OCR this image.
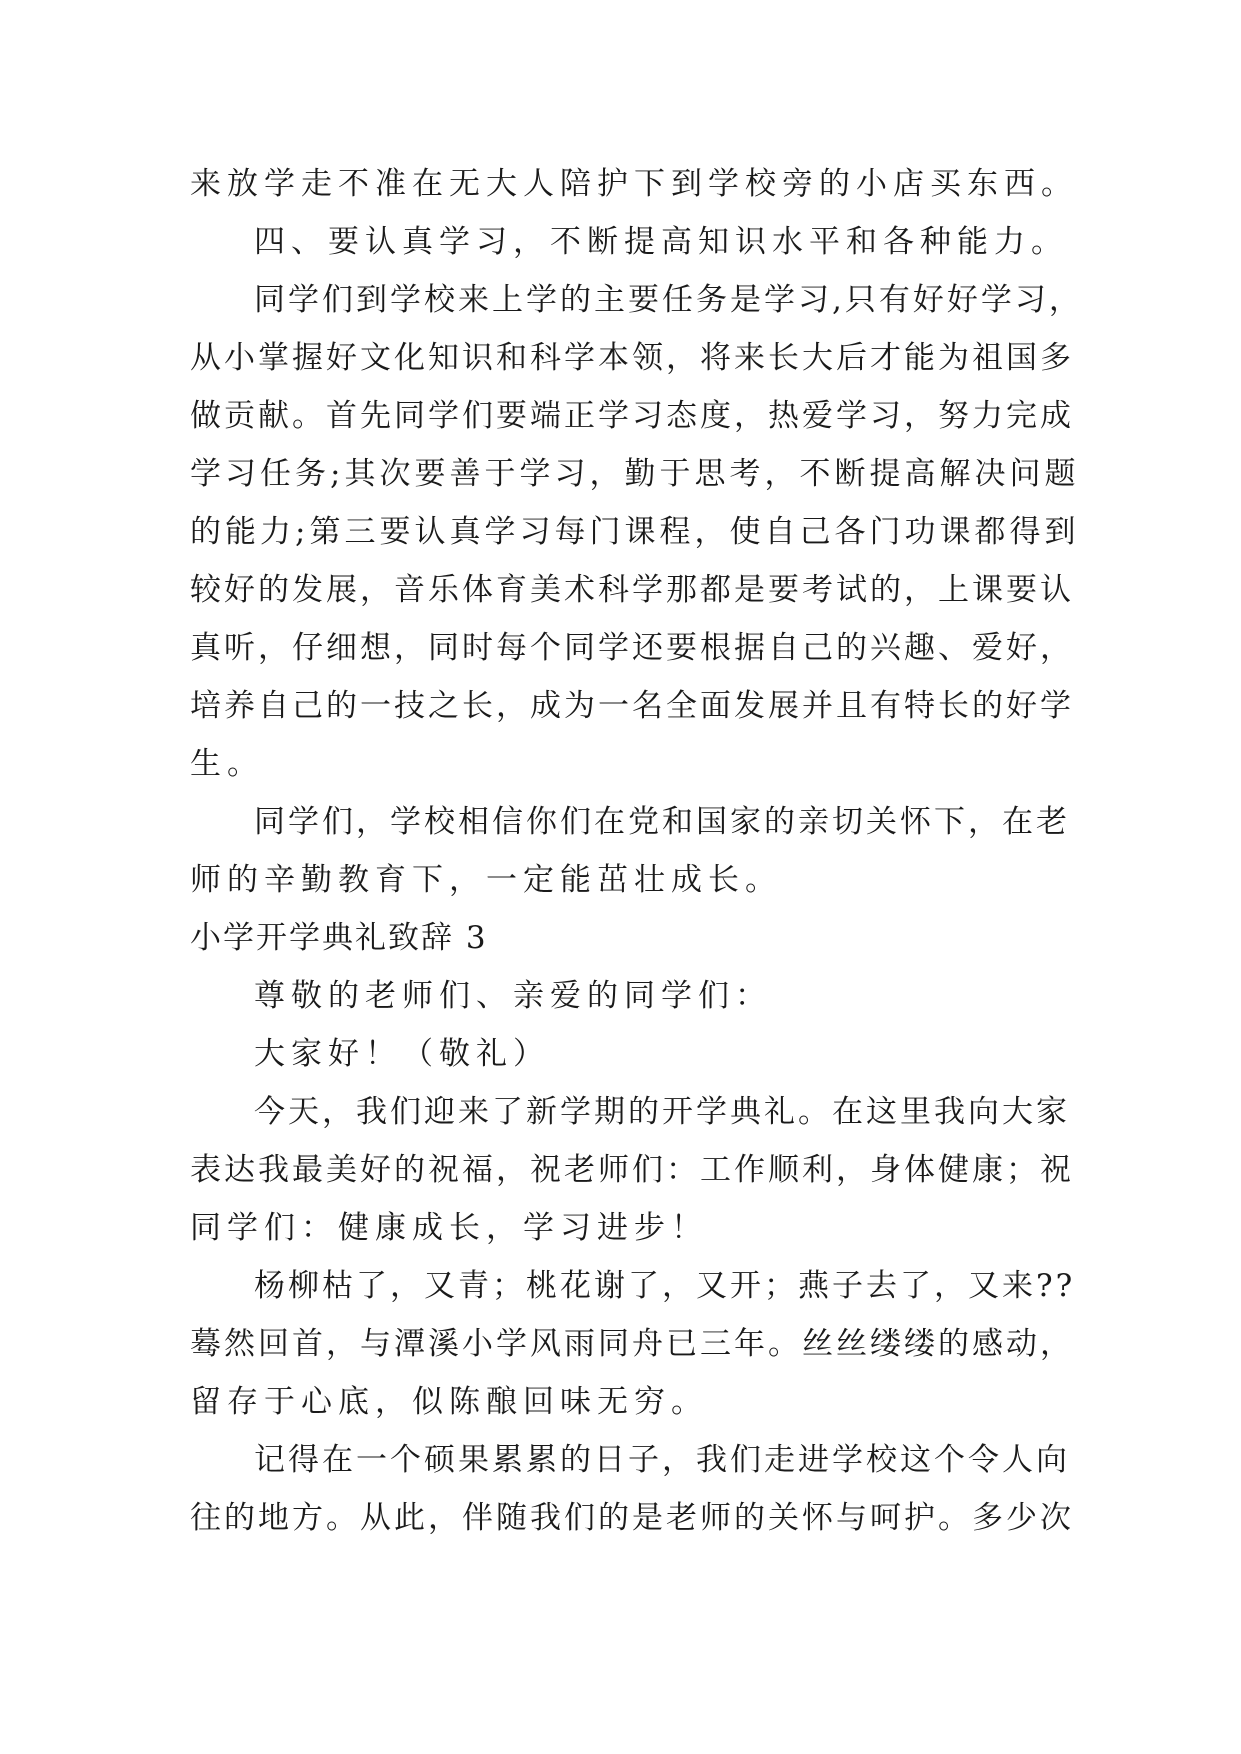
来放学走不准在无大人陪护下到学校旁的小店买东西。
四、要认真学习，不断提高知识水平和各种能力。
同学们到学校来上学的主要任务是学习,只有好好学习，
从小掌握好文化知识和科学本领，将来长大后才能为祖国多
做贡献。首先同学们要端正学习态度，热爱学习，努力完成
学习任务;其次要善于学习，勤于思考，不断提高解决问题
的能力;第三要认真学习每门课程，使自己各门功课都得到
较好的发展，音乐体育美术科学那都是要考试的，上课要认
真听，仔细想，同时每个同学还要根据自己的兴趣、爱好，
培养自己的一技之长，成为一名全面发展并且有特长的好学
生。
同学们，学校相信你们在党和国家的亲切关怀下，在老
师的辛勤教育下，一定能茁壮成长。
小学开学典礼致辞 3
尊敬的老师们、亲爱的同学们：
大家好！（敬礼）
今天，我们迎来了新学期的开学典礼。在这里我向大家
表达我最美好的祝福，祝老师们：工作顺利，身体健康；祝
同学们：健康成长，学习进步！
杨柳枯了，又青；桃花谢了，又开；燕子去了，又来??
蓦然回首，与潭溪小学风雨同舟已三年。丝丝缕缕的感动，
留存于心底，似陈酿回味无穷。
记得在一个硕果累累的日子，我们走进学校这个令人向
往的地方。从此，伴随我们的是老师的关怀与呵护。多少次
